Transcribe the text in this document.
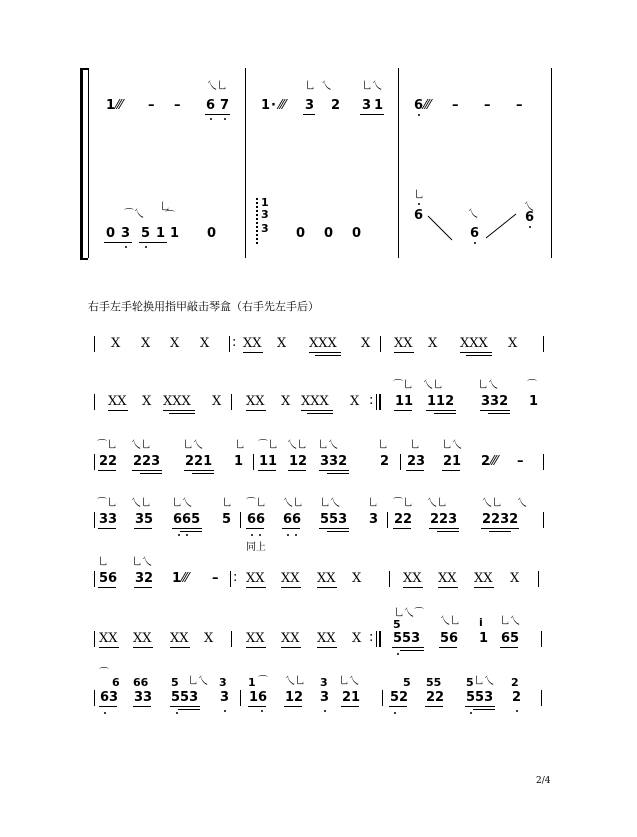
乀乚
1 ⁄⁄⁄ – – 6 7
乚  乀	乚乀
1 · ⁄⁄⁄ 3 2 3 1 6 ⁄⁄⁄ – – –
⌒乀
乚
⌒
0 3 5 1 1 0
1
3
3 0 0 0
乚
6	乀
6
乀
6
右手左手轮换用指甲敲击琴盒（右手先左手后）
X X X X : XX X XXX X XX X XXX X
XX X XXX X XX X XXX X :
⌒乚 乀乚	乚乀	⌒
11 112 332 1
⌒乚 乀乚	乚乀	乚 ⌒乚 乀乚 乚乀	乚 乚 乚乀
22 223 221 1 11 12 332	2 23 21 2 ⁄⁄⁄ –
⌒乚 乀乚 乚乀	乚 ⌒乚 乀乚 乚乀	乚 ⌒乚 乀乚	乀乚 乀
33 35 665 5 66 66 553 3 22 223 2232
同上
乚 乚乀
56 32 1 ⁄⁄⁄ – : XX XX XX X	XX XX XX X
XX XX XX X	XX XX XX X :
乚乀⌒
乀乚	乚乀
5	i
553 56 1 65
⌒
乚乀	⌒ 乀乚	乚乀	乚乀
6 66 5	3 1	3	5 55 5	2
63 33 553 3 16 12 3 21 52 22 553 2
2/4
